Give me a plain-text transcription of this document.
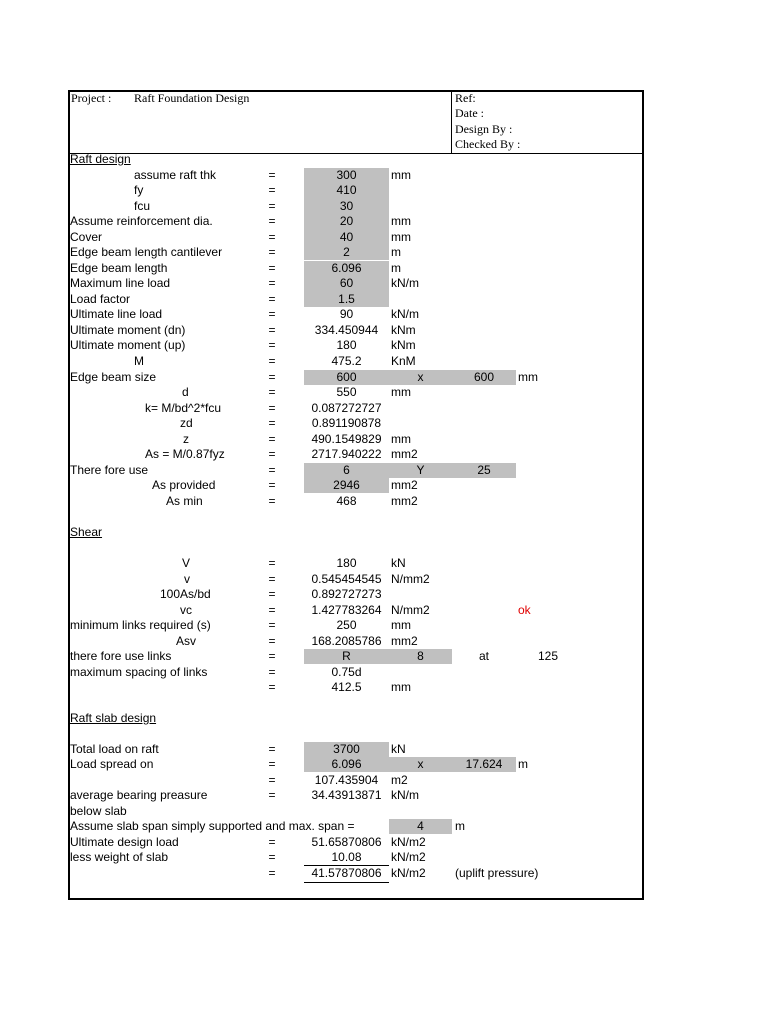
Project : Raft Foundation Design	Ref:
Date :
Design By :
Checked By :
Raft design
Shear
Raft slab design
assume raft thk	=	300	mm
fy	=	410
fcu	=	30
Assume reinforcement dia.	=	20	mm
Cover	=	40	mm
Edge beam length cantilever	=	2	m
Edge beam length	=	6.096	m
Maximum line load	=	60	kN/m
Load factor	=	1.5
Ultimate line load	=	90	kN/m
Ultimate moment (dn)	=	334.450944	kNm
Ultimate moment (up)	=	180	kNm
M	=	475.2	KnM
Edge beam size	=	600	x	600	mm
d	=	550	mm
k= M/bd^2*fcu	=	0.087272727
zd	=	0.891190878
z	=	490.1549829 mm
As = M/0.87fyz	=	2717.940222 mm2
There fore use	=	6	Y	25
As provided	=	2946	mm2
As min	=	468	mm2
V	=	180	kN
v	=	0.545454545 N/mm2
100As/bd	=	0.892727273
vc	=	1.427783264 N/mm2	ok
minimum links required (s)	=	250	mm
Asv	=	168.2085786 mm2
there fore use links	=	R	8	at	125
maximum spacing of links	=	0.75d
=	412.5	mm
Total load on raft	=	3700	kN
Load spread on	=	6.096	x	17.624	m
=	107.435904	m2
average bearing preasure	=	34.43913871 kN/m
below slab
Assume slab span simply supported and max. span =	4	m
Ultimate design load	=	51.65870806 kN/m2
less weight of slab	=	10.08	kN/m2
=	41.57870806 kN/m2 (uplift pressure)
